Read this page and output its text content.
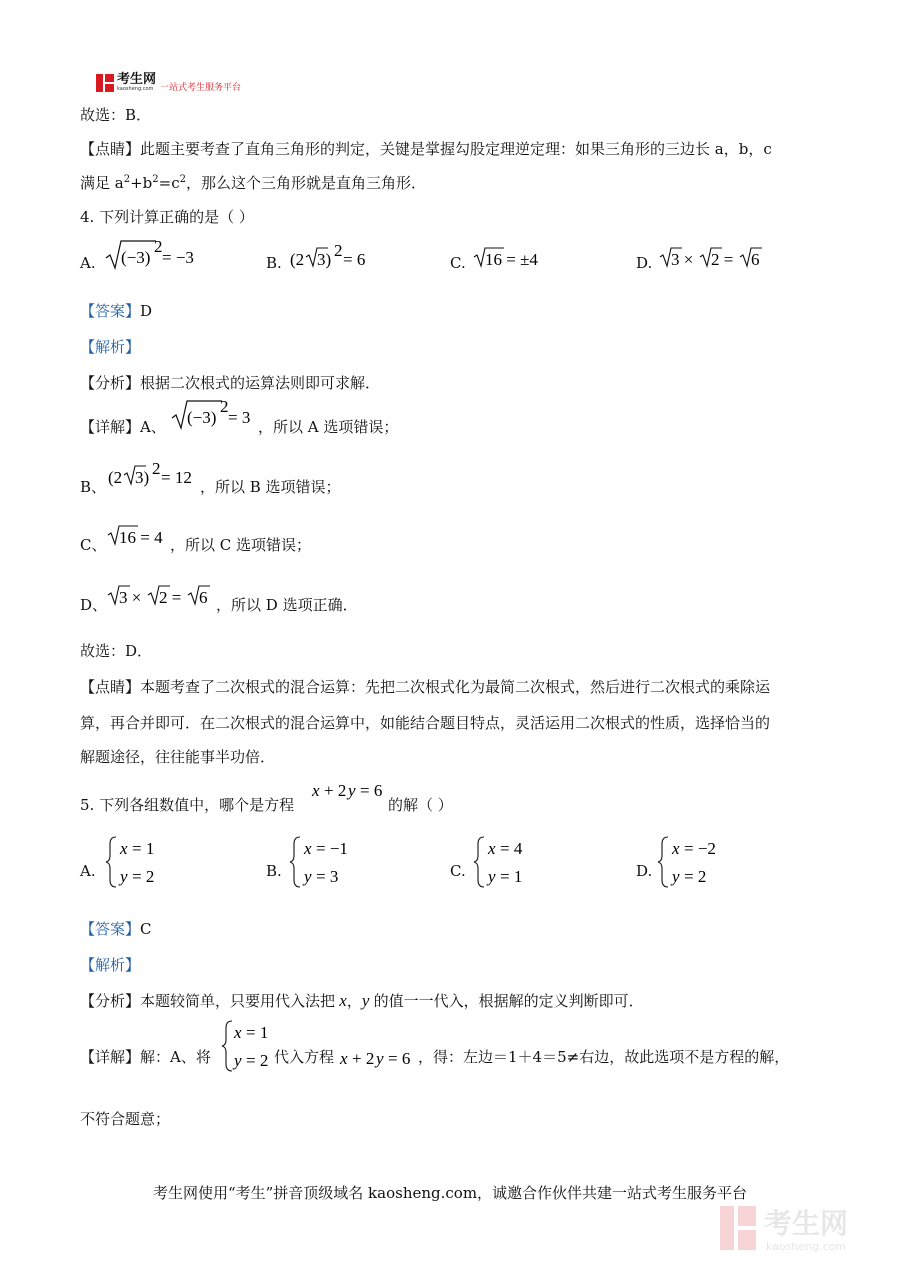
考生网
kaosheng.com 一站式考生服务平台
故选：B．
【点睛】此题主要考查了直角三角形的判定，关键是掌握勾股定理逆定理：如果三角形的三边长 a，b，c
满足 $a^2+b^2=c^2$，那么这个三角形就是直角三角形．
4. 下列计算正确的是（ ）
A. (−3)
2
= −3	B. (2 3) 2 = 6	C. 16 = ±4	D. 3 × 2 = 6
【答案】D
【解析】
【分析】根据二次根式的运算法则即可求解．
【详解】A、 (−3)
2
= 3 ，所以 A 选项错误；
B、 (2 3) 2 = 12 ，所以 B 选项错误；
C、 16 = 4 ，所以 C 选项错误；
D、 3 × 2 = 6 ，所以 D 选项正确．
故选：D．
【点睛】本题考查了二次根式的混合运算：先把二次根式化为最简二次根式，然后进行二次根式的乘除运
算，再合并即可．在二次根式的混合运算中，如能结合题目特点，灵活运用二次根式的性质，选择恰当的
解题途径，往往能事半功倍．
5. 下列各组数值中，哪个是方程
x + 2 y = 6
的解（ ）
A.
x = 1
y = 2	B.
x = −1
y = 3	C.
x = 4
y = 1	D.
x = −2
y = 2
【答案】C
【解析】
【分析】本题较简单，只要用代入法把 x，y 的值一一代入，根据解的定义判断即可．
【详解】解：A、将
x = 1
y = 2 代入方程 x + 2 y = 6 ，得：左边＝1＋4＝5≠右边，故此选项不是方程的解，
不符合题意；
考生网使用“考生”拼音顶级域名 kaosheng.com，诚邀合作伙伴共建一站式考生服务平台
考生网
kaosheng.com
